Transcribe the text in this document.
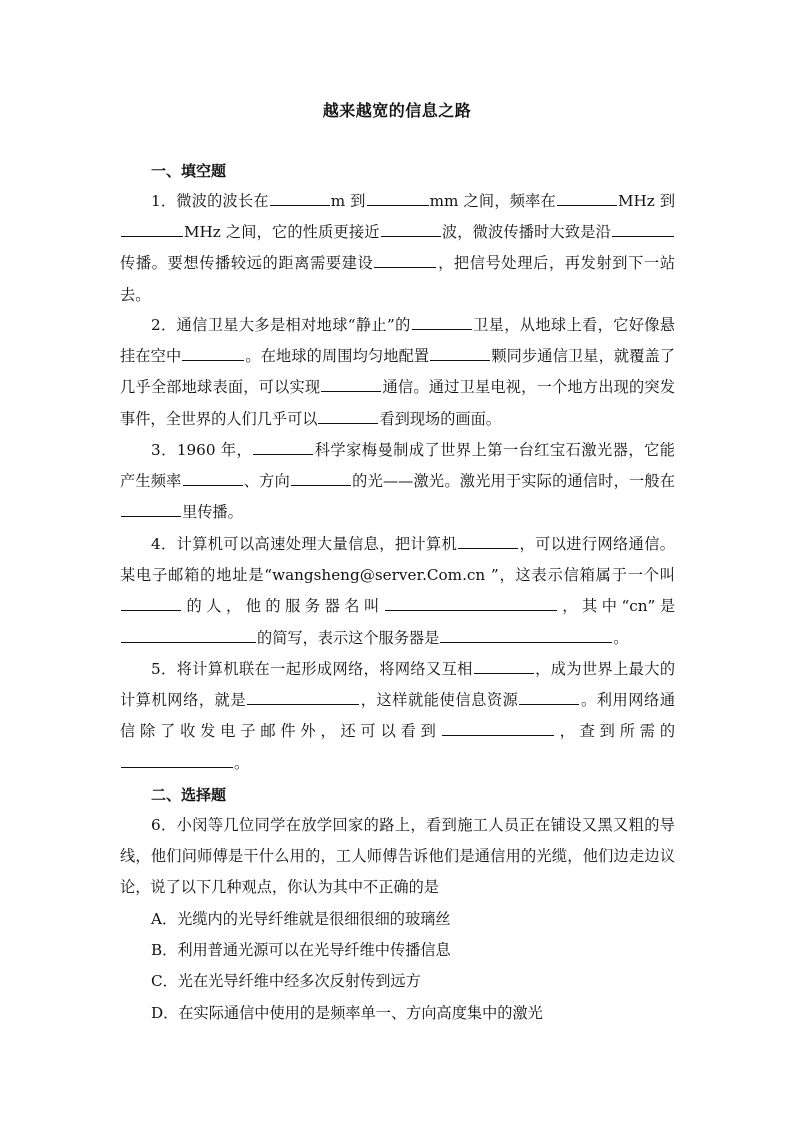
越来越宽的信息之路
一、填空题
1．微波的波长在	m 到	mm 之间，频率在	MHz 到MHz 之间，它的性质更接近	波，微波传播时大致是沿传播。要想传播较远的距离需要建设	，把信号处理后，再发射到下一站去。
2．通信卫星大多是相对地球“静止”的	卫星，从地球上看，它好像悬挂在空中	。在地球的周围均匀地配置	颗同步通信卫星，就覆盖了几乎全部地球表面，可以实现	通信。通过卫星电视，一个地方出现的突发事件，全世界的人们几乎可以	看到现场的画面。
3．1960 年，	科学家梅曼制成了世界上第一台红宝石激光器，它能产生频率	、方向	的光——激光。激光用于实际的通信时，一般在里传播。
4．计算机可以高速处理大量信息，把计算机	，可以进行网络通信。某电子邮箱的地址是“wangsheng@server.Com.cn ”，这表示信箱属于一个叫的人，他的服务器名叫	，其中“cn”是的简写，表示这个服务器是	。
5．将计算机联在一起形成网络，将网络又互相	，成为世界上最大的计算机网络，就是	，这样就能使信息资源	。利用网络通信除了收发电子邮件外，还可以看到	，查到所需的。
二、选择题
6．小闵等几位同学在放学回家的路上，看到施工人员正在铺设又黑又粗的导线，他们问师傅是干什么用的，工人师傅告诉他们是通信用的光缆，他们边走边议论，说了以下几种观点，你认为其中不正确的是
A．光缆内的光导纤维就是很细很细的玻璃丝
B．利用普通光源可以在光导纤维中传播信息
C．光在光导纤维中经多次反射传到远方
D．在实际通信中使用的是频率单一、方向高度集中的激光
